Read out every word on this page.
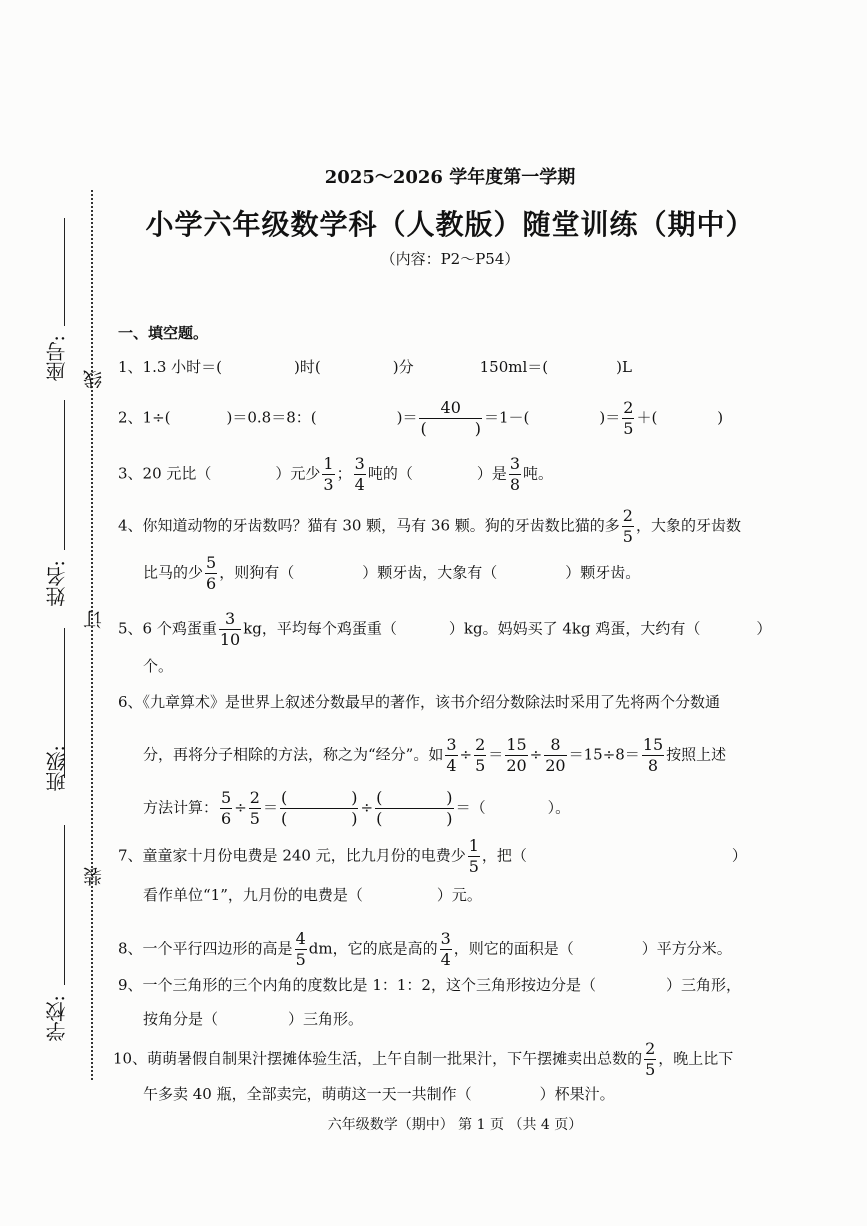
2025～2026 学年度第一学期
小学六年级数学科（人教版）随堂训练（期中）
（内容：P2～P54）
座号:
姓名:
班级:
学校:
线
订
装
一、填空题。
1、1.3 小时＝(	)时(	)分	150ml＝(	)L
2、1÷(	)＝0.8＝8：(	)＝ $\frac{40}{( )} =1-$(	)＝ $\frac{2}{5}$ ＋(	)
3、20 元比（	）元少 $\frac{1}{3}$ ； $\frac{3}{4}$ 吨的（	）是 $\frac{3}{8}$ 吨。
4、你知道动物的牙齿数吗？猫有 30 颗，马有 36 颗。狗的牙齿数比猫的多 $\frac{2}{5}$ ，大象的牙齿数
比马的少 $\frac{5}{6}$ ，则狗有（	）颗牙齿，大象有（	）颗牙齿。
5、6 个鸡蛋重 $\frac{3}{10}$ kg，平均每个鸡蛋重（	）kg。妈妈买了 4kg 鸡蛋，大约有（	）
个。
6、《九章算术》是世界上叙述分数最早的著作，该书介绍分数除法时采用了先将两个分数通
分，再将分子相除的方法，称之为“经分”。如 $\frac{3}{4} \div \frac{2}{5} = \frac{15}{20} \div \frac{8}{20} =15\div 8= \frac{15}{8}$ 按照上述
方法计算： $\frac{5}{6} \div \frac{2}{5} = \frac{( )}{( )} \div \frac{( )}{( )}$ ＝（	）。
7、童童家十月份电费是 240 元，比九月份的电费少 $\frac{1}{5}$ ，把（	）
看作单位“1”，九月份的电费是（	）元。
8、一个平行四边形的高是 $\frac{4}{5}$ dm，它的底是高的 $\frac{3}{4}$ ，则它的面积是（	）平方分米。
9、一个三角形的三个内角的度数比是 1：1：2，这个三角形按边分是（	）三角形，
按角分是（	）三角形。
10、萌萌暑假自制果汁摆摊体验生活，上午自制一批果汁，下午摆摊卖出总数的 $\frac{2}{5}$ ，晚上比下
午多卖 40 瓶，全部卖完，萌萌这一天一共制作（	）杯果汁。
六年级数学（期中） 第 1 页 （共 4 页）
